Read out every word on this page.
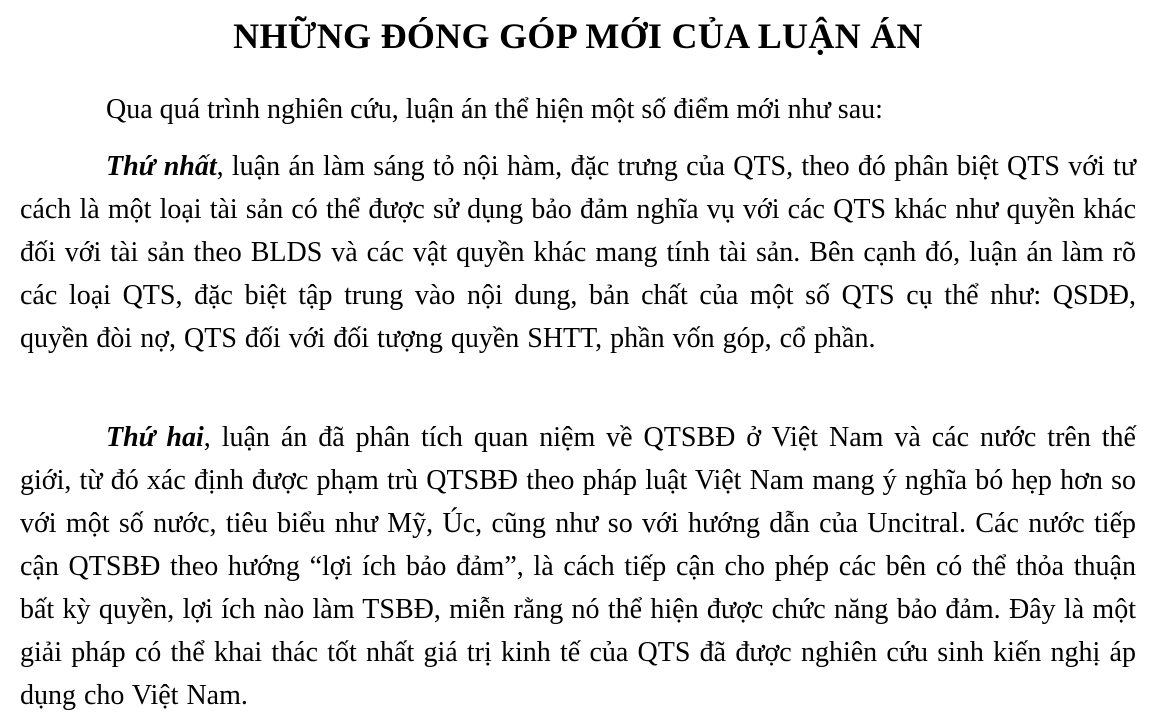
NHỮNG ĐÓNG GÓP MỚI CỦA LUẬN ÁN

Qua quá trình nghiên cứu, luận án thể hiện một số điểm mới như sau:

Thứ nhất, luận án làm sáng tỏ nội hàm, đặc trưng của QTS, theo đó phân biệt QTS với tư cách là một loại tài sản có thể được sử dụng bảo đảm nghĩa vụ với các QTS khác như quyền khác đối với tài sản theo BLDS và các vật quyền khác mang tính tài sản. Bên cạnh đó, luận án làm rõ các loại QTS, đặc biệt tập trung vào nội dung, bản chất của một số QTS cụ thể như: QSDĐ, quyền đòi nợ, QTS đối với đối tượng quyền SHTT, phần vốn góp, cổ phần.

Thứ hai, luận án đã phân tích quan niệm về QTSBĐ ở Việt Nam và các nước trên thế giới, từ đó xác định được phạm trù QTSBĐ theo pháp luật Việt Nam mang ý nghĩa bó hẹp hơn so với một số nước, tiêu biểu như Mỹ, Úc, cũng như so với hướng dẫn của Uncitral. Các nước tiếp cận QTSBĐ theo hướng “lợi ích bảo đảm”, là cách tiếp cận cho phép các bên có thể thỏa thuận bất kỳ quyền, lợi ích nào làm TSBĐ, miễn rằng nó thể hiện được chức năng bảo đảm. Đây là một giải pháp có thể khai thác tốt nhất giá trị kinh tế của QTS đã được nghiên cứu sinh kiến nghị áp dụng cho Việt Nam.
